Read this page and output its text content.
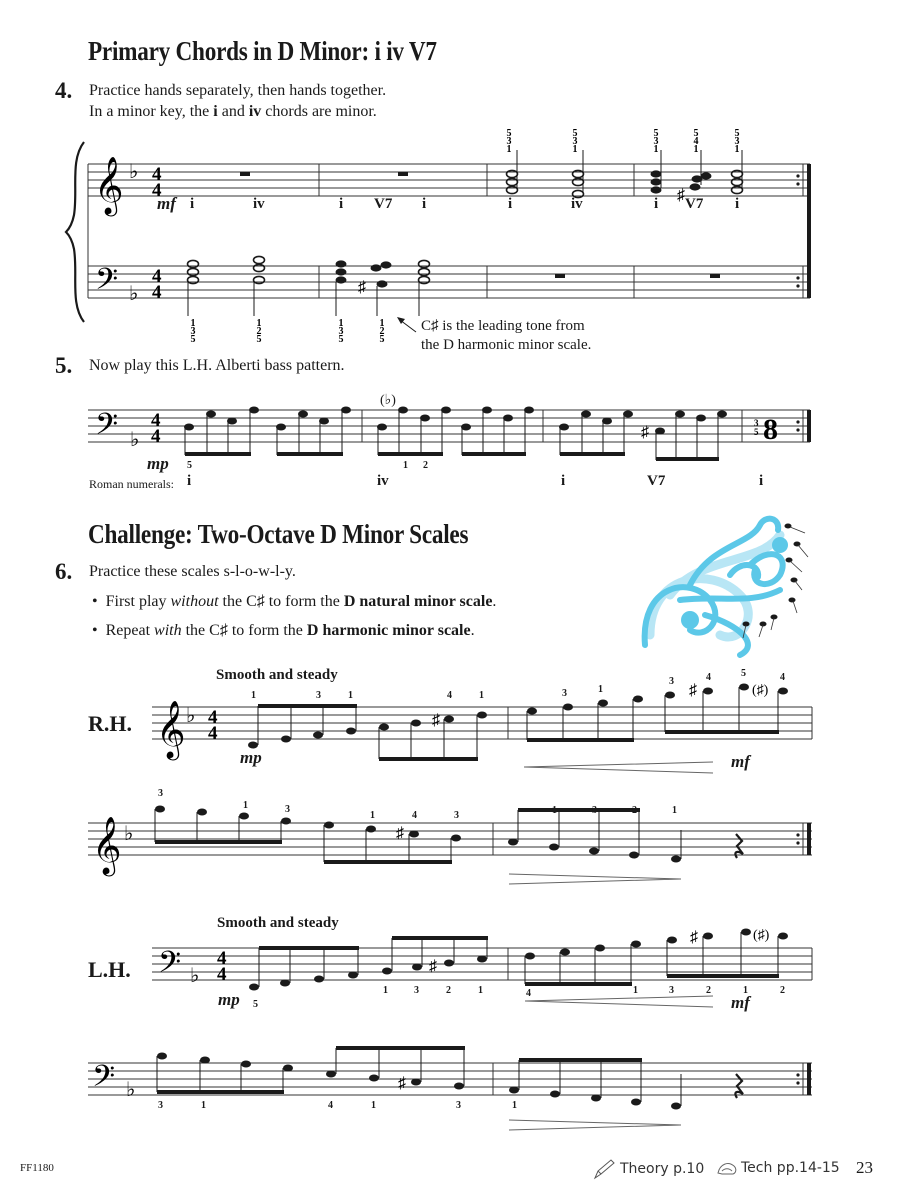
Primary Chords in D Minor: i iv V7
4. Practice hands separately, then hands together.
In a minor key, the i and iv chords are minor.
𝄞
𝄢
♭
♭
4
4
4
4
♯
5
3
1
5
3
1
5
3
1
5
4
1
5
3
1
♯
1
3
5
1
2
5
1
3
5
1
2
5
mf i	iv	i V7 i	i	iv	i V7 i
C♯ is the leading tone from
the D harmonic minor scale.
5. Now play this L.H. Alberti bass pattern.
𝄢 ♭
4
4	♯	8
3
5
(♭)
mp 5	1 2
Roman numerals: i	iv	i	V7	i
Challenge: Two-Octave D Minor Scales
6. Practice these scales s-l-o-w-l-y.
•  First play without the C♯ to form the D natural minor scale.
•  Repeat with the C♯ to form the D harmonic minor scale.
Smooth and steady
R.H. 𝄞 ♭ 4
4
♯
♯	(♯)
mp	mf
1	3	1	4	1	3	1
3	4	5	4
𝄞 ♭	♯
3
1	3
1	4	3	1	3	2	1
Smooth and steady
L.H. 𝄢 ♭
4
4	♯
♯	(♯)
mp	mf
5
1	3	2	1	4	1	3	2	1	2
𝄢 ♭	♯
3	1	4	1	3	1
FF1180	Theory p.10	Tech pp.14-15 23
